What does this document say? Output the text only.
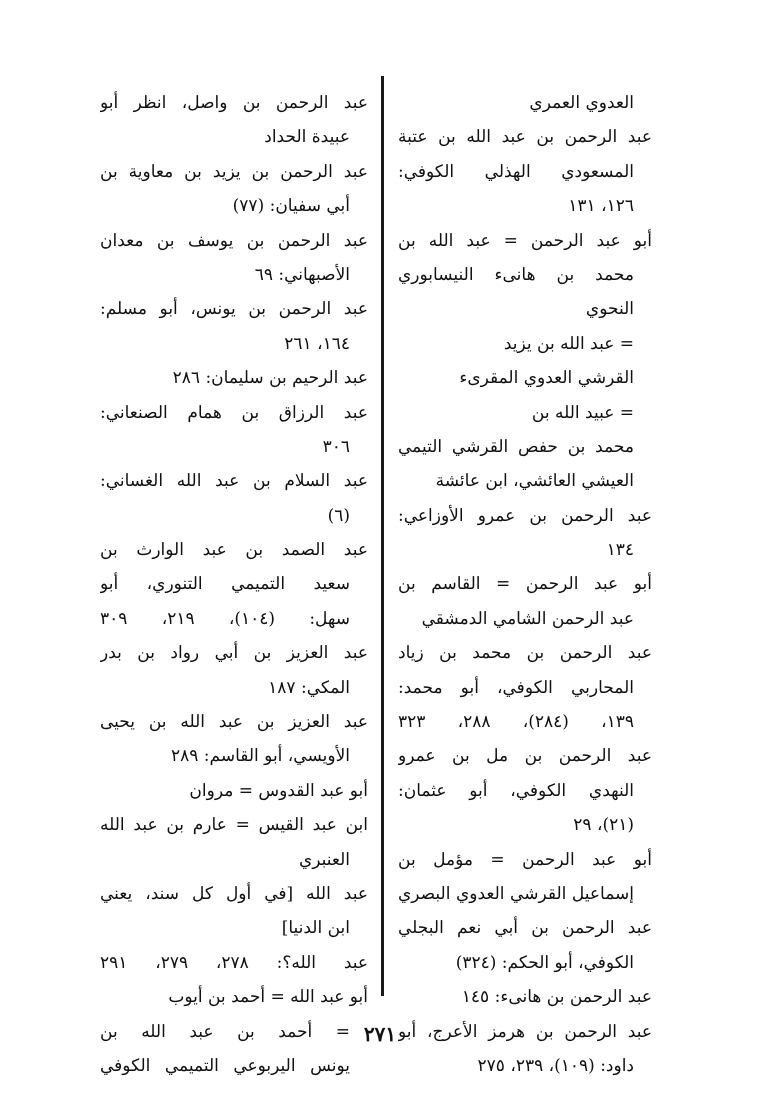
العدوي العمري
عبد الرحمن بن عبد الله بن عتبة
المسعودي الهذلي الكوفي:
١٢٦، ١٣١
أبو عبد الرحمن = عبد الله بن
محمد بن هانىء النيسابوري
النحوي
= عبد الله بن يزيد
القرشي العدوي المقرىء
= عبيد الله بن
محمد بن حفص القرشي التيمي
العيشي العائشي، ابن عائشة
عبد الرحمن بن عمرو الأوزاعي:
١٣٤
أبو عبد الرحمن = القاسم بن
عبد الرحمن الشامي الدمشقي
عبد الرحمن بن محمد بن زياد
المحاربي الكوفي، أبو محمد:
١٣٩، (٢٨٤)، ٢٨٨، ٣٢٣
عبد الرحمن بن مل بن عمرو
النهدي الكوفي، أبو عثمان:
(٢١)، ٢٩
أبو عبد الرحمن = مؤمل بن
إسماعيل القرشي العدوي البصري
عبد الرحمن بن أبي نعم البجلي
الكوفي، أبو الحكم: (٣٢٤)
عبد الرحمن بن هانىء: ١٤٥
عبد الرحمن بن هرمز الأعرج، أبو
داود: (١٠٩)، ٢٣٩، ٢٧٥
عبد الرحمن بن واصل، انظر أبو
عبيدة الحداد
عبد الرحمن بن يزيد بن معاوية بن
أبي سفيان: (٧٧)
عبد الرحمن بن يوسف بن معدان
الأصبهاني: ٦٩
عبد الرحمن بن يونس، أبو مسلم:
١٦٤، ٢٦١
عبد الرحيم بن سليمان: ٢٨٦
عبد الرزاق بن همام الصنعاني:
٣٠٦
عبد السلام بن عبد الله الغساني:
(٦)
عبد الصمد بن عبد الوارث بن
سعيد التميمي التنوري، أبو
سهل: (١٠٤)، ٢١٩، ٣٠٩
عبد العزيز بن أبي رواد بن بدر
المكي: ١٨٧
عبد العزيز بن عبد الله بن يحيى
الأويسي، أبو القاسم: ٢٨٩
أبو عبد القدوس = مروان
ابن عبد القيس = عارم بن عبد الله
العنبري
عبد الله [في أول كل سند، يعني
ابن الدنيا]
عبد الله؟: ٢٧٨، ٢٧٩، ٢٩١
أبو عبد الله = أحمد بن أيوب
= أحمد بن عبد الله بن
يونس اليربوعي التميمي الكوفي
٢٧١
